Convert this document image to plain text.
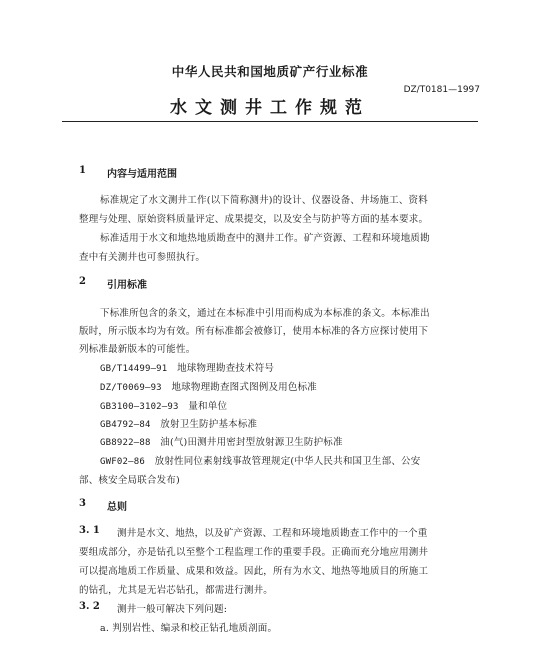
中华人民共和国地质矿产行业标准
DZ/T0181—1997
水文测井工作规范
1 内容与适用范围
标准规定了水文测井工作(以下简称测井)的设计、仪器设备、井场施工、资料
整理与处理、原始资料质量评定、成果提交，以及安全与防护等方面的基本要求。
标准适用于水文和地热地质勘查中的测井工作。矿产资源、工程和环境地质勘
查中有关测井也可参照执行。
2 引用标准
下标准所包含的条文，通过在本标准中引用而构成为本标准的条文。本标准出
版时，所示版本均为有效。所有标准都会被修订，使用本标准的各方应探讨使用下
列标准最新版本的可能性。
GB/T14499—91 地球物理勘查技术符号
DZ/T0069—93 地球物理勘查图式图例及用色标准
GB3100—3102—93 量和单位
GB4792—84 放射卫生防护基本标准
GB8922—88 油(气)田测井用密封型放射源卫生防护标准
GWF02—86 放射性同位素射线事故管理规定(中华人民共和国卫生部、公安
部、核安全局联合发布)
3 总则
3. 1 测井是水文、地热，以及矿产资源、工程和环境地质勘查工作中的一个重
要组成部分，亦是钻孔以至整个工程监理工作的重要手段。正确而充分地应用测井
可以提高地质工作质量、成果和效益。因此，所有为水文、地热等地质目的所施工
的钻孔，尤其是无岩芯钻孔，都需进行测井。
3. 2 测井一般可解决下列问题:
a. 判别岩性、编录和校正钻孔地质剖面。
